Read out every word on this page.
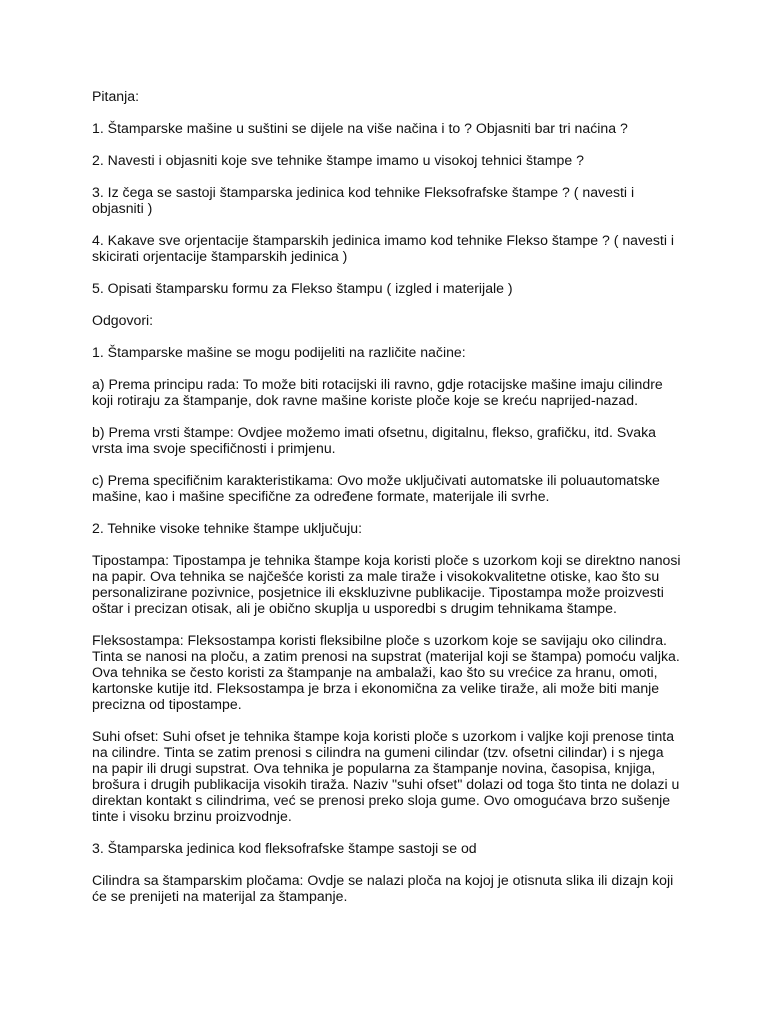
Pitanja:

1. Štamparske mašine u suštini se dijele na više načina i to ? Objasniti bar tri naćina ?

2. Navesti i objasniti koje sve tehnike štampe imamo u visokoj tehnici štampe ?

3. Iz čega se sastoji štamparska jedinica kod tehnike Fleksofrafske štampe ? ( navesti i objasniti )

4. Kakave sve orjentacije štamparskih jedinica imamo kod tehnike Flekso štampe ? ( navesti i skicirati orjentacije štamparskih jedinica )

5. Opisati štamparsku formu za Flekso štampu ( izgled i materijale )

Odgovori:

1. Štamparske mašine se mogu podijeliti na različite načine:

a) Prema principu rada: To može biti rotacijski ili ravno, gdje rotacijske mašine imaju cilindre koji rotiraju za štampanje, dok ravne mašine koriste ploče koje se kreću naprijed-nazad.

b) Prema vrsti štampe: Ovdjee možemo imati ofsetnu, digitalnu, flekso, grafičku, itd. Svaka vrsta ima svoje specifičnosti i primjenu.

c) Prema specifičnim karakteristikama: Ovo može uključivati automatske ili poluautomatske mašine, kao i mašine specifične za određene formate, materijale ili svrhe.

2. Tehnike visoke tehnike štampe uključuju:

Tipostampa: Tipostampa je tehnika štampe koja koristi ploče s uzorkom koji se direktno nanosi na papir. Ova tehnika se najčešće koristi za male tiraže i visokokvalitetne otiske, kao što su personalizirane pozivnice, posjetnice ili ekskluzivne publikacije. Tipostampa može proizvesti oštar i precizan otisak, ali je obično skuplja u usporedbi s drugim tehnikama štampe.

Fleksostampa: Fleksostampa koristi fleksibilne ploče s uzorkom koje se savijaju oko cilindra. Tinta se nanosi na ploču, a zatim prenosi na supstrat (materijal koji se štampa) pomoću valjka. Ova tehnika se često koristi za štampanje na ambalaži, kao što su vrećice za hranu, omoti, kartonske kutije itd. Fleksostampa je brza i ekonomična za velike tiraže, ali može biti manje precizna od tipostampe.

Suhi ofset: Suhi ofset je tehnika štampe koja koristi ploče s uzorkom i valjke koji prenose tinta na cilindre. Tinta se zatim prenosi s cilindra na gumeni cilindar (tzv. ofsetni cilindar) i s njega na papir ili drugi supstrat. Ova tehnika je popularna za štampanje novina, časopisa, knjiga, brošura i drugih publikacija visokih tiraža. Naziv "suhi ofset" dolazi od toga što tinta ne dolazi u direktan kontakt s cilindrima, već se prenosi preko sloja gume. Ovo omogućava brzo sušenje tinte i visoku brzinu proizvodnje.

3. Štamparska jedinica kod fleksofrafske štampe sastoji se od

Cilindra sa štamparskim pločama: Ovdje se nalazi ploča na kojoj je otisnuta slika ili dizajn koji će se prenijeti na materijal za štampanje.
